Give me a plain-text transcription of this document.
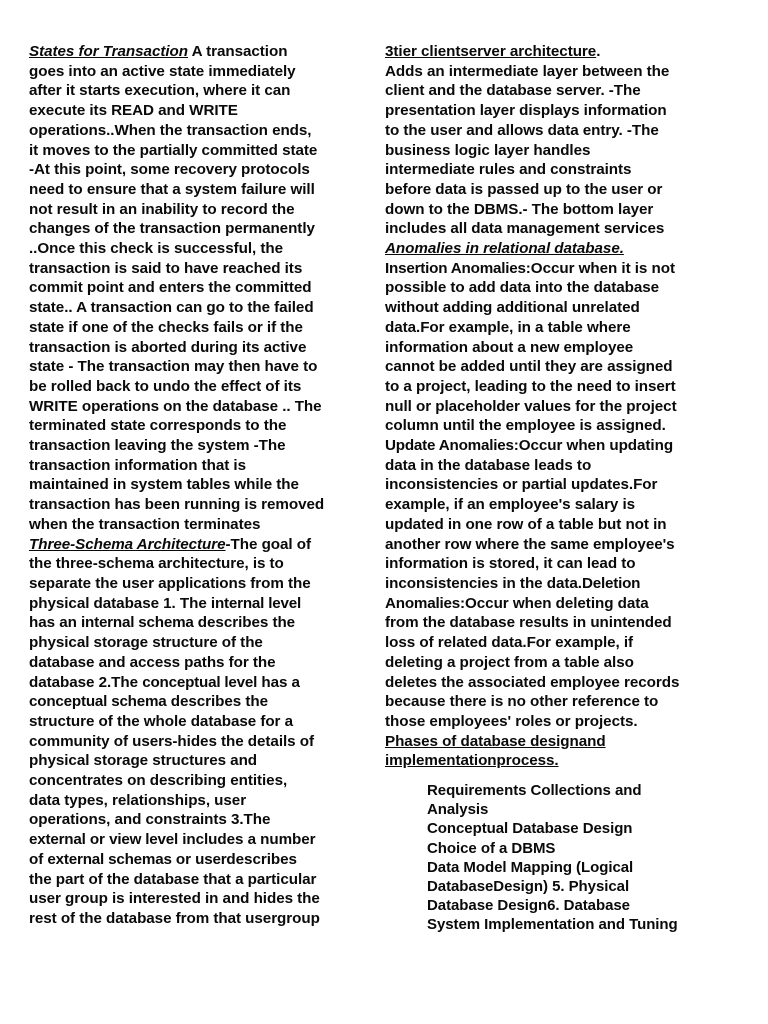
States for Transaction A transaction
goes into an active state immediately
after it starts execution, where it can
execute its READ and WRITE
operations..When the transaction ends,
it moves to the partially committed state
-At this point, some recovery protocols
need to ensure that a system failure will
not result in an inability to record the
changes of the transaction permanently
..Once this check is successful, the
transaction is said to have reached its
commit point and enters the committed
state.. A transaction can go to the failed
state if one of the checks fails or if the
transaction is aborted during its active
state - The transaction may then have to
be rolled back to undo the effect of its
WRITE operations on the database .. The
terminated state corresponds to the
transaction leaving the system -The
transaction information that is
maintained in system tables while the
transaction has been running is removed
when the transaction terminates
Three-Schema Architecture-The goal of
the three-schema architecture, is to
separate the user applications from the
physical database 1. The internal level
has an internal schema describes the
physical storage structure of the
database and access paths for the
database 2.The conceptual level has a
conceptual schema describes the
structure of the whole database for a
community of users-hides the details of
physical storage structures and
concentrates on describing entities,
data types, relationships, user
operations, and constraints 3.The
external or view level includes a number
of external schemas or userdescribes
the part of the database that a particular
user group is interested in and hides the
rest of the database from that usergroup
3tier clientserver architecture.
Adds an intermediate layer between the
client and the database server. -The
presentation layer displays information
to the user and allows data entry. -The
business logic layer handles
intermediate rules and constraints
before data is passed up to the user or
down to the DBMS.- The bottom layer
includes all data management services
Anomalies in relational database.
Insertion Anomalies:Occur when it is not
possible to add data into the database
without adding additional unrelated
data.For example, in a table where
information about a new employee
cannot be added until they are assigned
to a project, leading to the need to insert
null or placeholder values for the project
column until the employee is assigned.
Update Anomalies:Occur when updating
data in the database leads to
inconsistencies or partial updates.For
example, if an employee's salary is
updated in one row of a table but not in
another row where the same employee's
information is stored, it can lead to
inconsistencies in the data.Deletion
Anomalies:Occur when deleting data
from the database results in unintended
loss of related data.For example, if
deleting a project from a table also
deletes the associated employee records
because there is no other reference to
those employees' roles or projects.
Phases of database designand
implementationprocess.
Requirements Collections and
Analysis
Conceptual Database Design
Choice of a DBMS
Data Model Mapping (Logical
DatabaseDesign) 5. Physical
Database Design6. Database
System Implementation and Tuning
